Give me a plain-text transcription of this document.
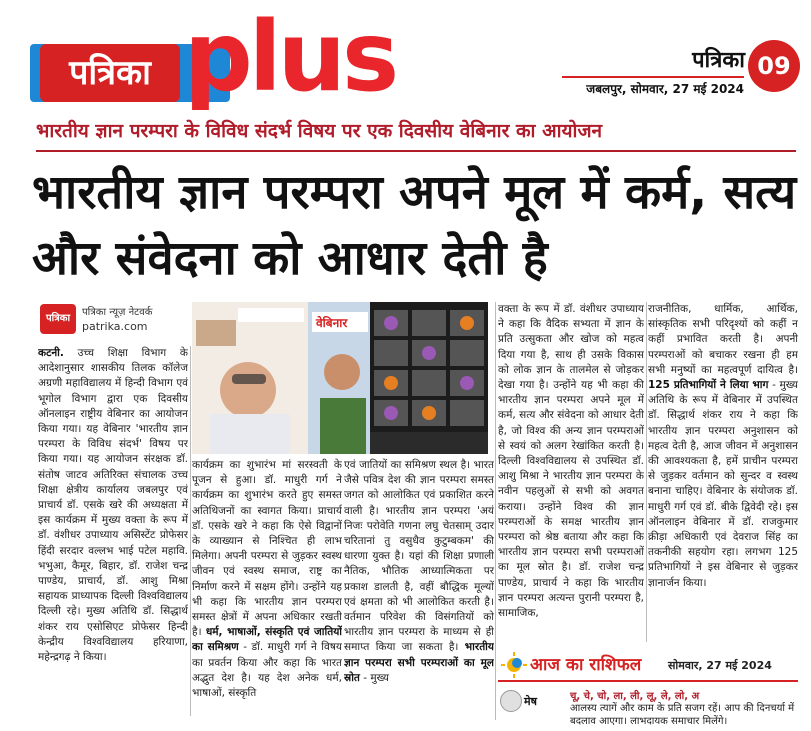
पत्रिका plus	पत्रिका 09
जबलपुर, सोमवार, 27 मई 2024
भारतीय ज्ञान परम्परा के विविध संदर्भ विषय पर एक दिवसीय वेबिनार का आयोजन
भारतीय ज्ञान परम्परा अपने मूल में कर्म, सत्य और संवेदना को आधार देती है
पत्रिका
पत्रिका न्यूज़ नेटवर्क
patrika.com	वेबिनार
कटनी. उच्च शिक्षा विभाग के आदेशानुसार शासकीय तिलक कॉलेज अग्रणी महाविद्यालय में हिन्दी विभाग एवं भूगोल विभाग द्वारा एक दिवसीय ऑनलाइन राष्ट्रीय वेबिनार का आयोजन किया गया। यह वेबिनार 'भारतीय ज्ञान परम्परा के विविध संदर्भ' विषय पर किया गया। यह आयोजन संरक्षक डॉ. संतोष जाटव अतिरिक्त संचालक उच्च शिक्षा क्षेत्रीय कार्यालय जबलपुर एवं प्राचार्य डॉ. एसके खरे की अध्यक्षता में इस कार्यक्रम में मुख्य वक्ता के रूप में डॉ. वंशीधर उपाध्याय असिस्टेंट प्रोफेसर हिंदी सरदार वल्लभ भाई पटेल महावि. भभुआ, कैमूर, बिहार, डॉ. राजेश चन्द्र पाण्डेय, प्राचार्य, डॉ. आशु मिश्रा सहायक प्राध्यापक दिल्ली विश्वविद्यालय दिल्ली रहे। मुख्य अतिथि डॉ. सिद्धार्थ शंकर राय एसोसिएट प्रोफेसर हिन्दी केन्द्रीय विश्वविद्यालय हरियाणा, महेन्द्रगढ़ ने किया।
कार्यक्रम का शुभारंभ मां सरस्वती के पूजन से हुआ। डॉ. माधुरी गर्ग ने कार्यक्रम का शुभारंभ करते हुए समस्त अतिथिजनों का स्वागत किया। प्राचार्य डॉ. एसके खरे ने कहा कि ऐसे विद्वानों के व्याख्यान से निश्चित ही लाभ मिलेगा। अपनी परम्परा से जुड़कर स्वस्थ जीवन एवं स्वस्थ समाज, राष्ट्र का निर्माण करने में सक्षम होंगे। उन्होंने यह भी कहा कि भारतीय ज्ञान परम्परा समस्त क्षेत्रों में अपना अधिकार रखती है। धर्म, भाषाओं, संस्कृति एवं जातियों का समिश्रण - डॉ. माधुरी गर्ग ने विषय का प्रवर्तन किया और कहा कि भारत अद्भुत देश है। यह देश अनेक धर्म, भाषाओं, संस्कृति
एवं जातियों का समिश्रण स्थल है। भारत जैसे पवित्र देश की ज्ञान परम्परा समस्त जगत को आलोकित एवं प्रकाशित करने वाली है। भारतीय ज्ञान परम्परा 'अयं निजः परोवेति गणना लघु चेतसाम् उदार चरितानां तु वसुधैव कुटुम्बकम' की धारणा युक्त है। यहां की शिक्षा प्रणाली नैतिक, भौतिक आध्यात्मिकता पर प्रकाश डालती है, वहीं बौद्धिक मूल्यों एवं क्षमता को भी आलोकित करती है। वर्तमान परिवेश की विसंगतियों को भारतीय ज्ञान परम्परा के माध्यम से ही समाप्त किया जा सकता है। भारतीय ज्ञान परम्परा सभी परम्पराओं का मूल स्रोत - मुख्य
वक्ता के रूप में डॉ. वंशीधर उपाध्याय ने कहा कि वैदिक सभ्यता में ज्ञान के प्रति उत्सुकता और खोज को महत्व दिया गया है, साथ ही उसके विकास को लोक ज्ञान के तालमेल से जोड़कर देखा गया है। उन्होंने यह भी कहा की भारतीय ज्ञान परम्परा अपने मूल में कर्म, सत्य और संवेदना को आधार देती है, जो विश्व की अन्य ज्ञान परम्पराओं से स्वयं को अलग रेखांकित करती है। दिल्ली विश्वविद्यालय से उपस्थित डॉ. आशु मिश्रा ने भारतीय ज्ञान परम्परा के नवीन पहलुओं से सभी को अवगत कराया। उन्होंने विश्व की ज्ञान परम्पराओं के समक्ष भारतीय ज्ञान परम्परा को श्रेष्ठ बताया और कहा कि भारतीय ज्ञान परम्परा सभी परम्पराओं का मूल स्रोत है। डॉ. राजेश चन्द्र पाण्डेय, प्राचार्य ने कहा कि भारतीय ज्ञान परम्परा अत्यन्त पुरानी परम्परा है, सामाजिक,
राजनीतिक, धार्मिक, आर्थिक, सांस्कृतिक सभी परिदृश्यों को कहीं न कहीं प्रभावित करती है। अपनी परम्पराओं को बचाकर रखना ही हम सभी मनुष्यों का महत्वपूर्ण दायित्व है। 125 प्रतिभागियों ने लिया भाग - मुख्य अतिथि के रूप में वेबिनार में उपस्थित डॉ. सिद्धार्थ शंकर राय ने कहा कि भारतीय ज्ञान परम्परा अनुशासन को महत्व देती है, आज जीवन में अनुशासन की आवश्यकता है, हमें प्राचीन परम्परा से जुड़कर वर्तमान को सुन्दर व स्वस्थ बनाना चाहिए। वेबिनार के संयोजक डॉ. माधुरी गर्ग एवं डॉ. बीके द्विवेदी रहे। इस ऑनलाइन वेबिनार में डॉ. राजकुमार क्रीड़ा अधिकारी एवं देवराज सिंह का तकनीकी सहयोग रहा। लगभग 125 प्रतिभागियों ने इस वेबिनार से जुड़कर ज्ञानार्जन किया।
आज का राशिफल	सोमवार, 27 मई 2024
मेष	चू, चे, चो, ला, ली, लू, ले, लो, अ
आलस्य त्यागें और काम के प्रति सजग रहें। आप की दिनचर्या में बदलाव आएगा। लाभदायक समाचार मिलेंगे।
